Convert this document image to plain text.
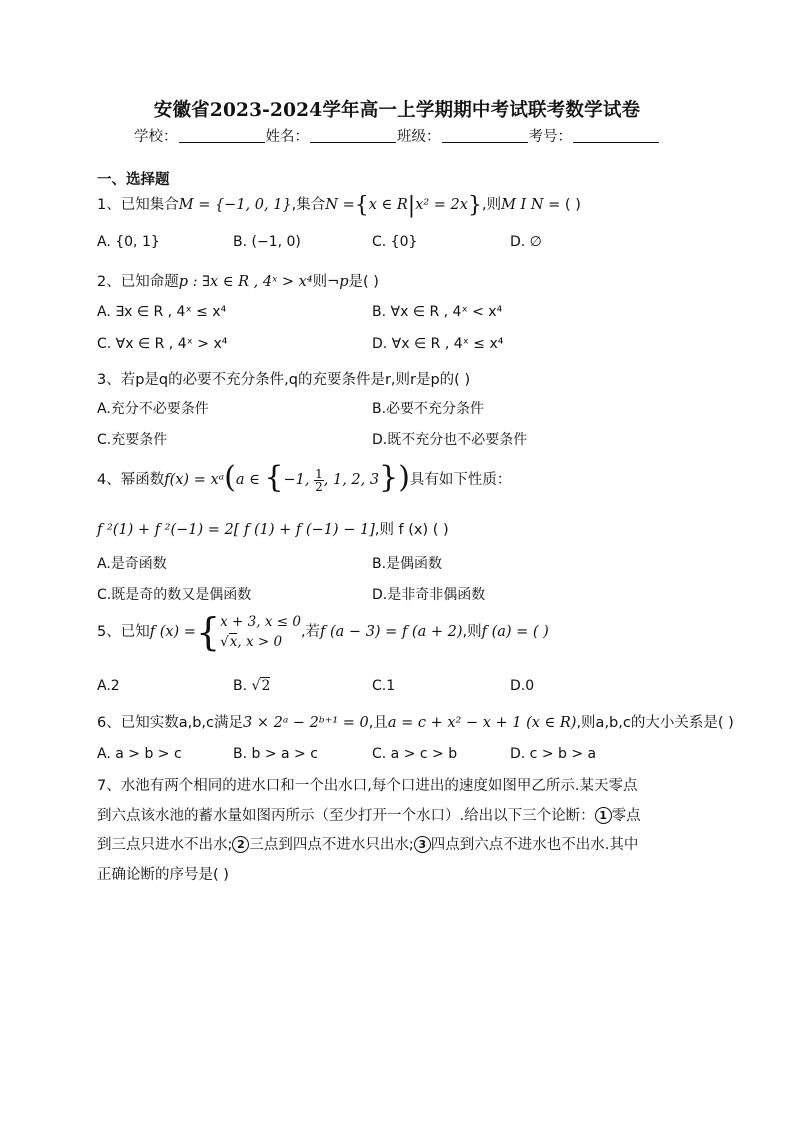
安徽省2023-2024学年高一上学期期中考试联考数学试卷
学校：	姓名：	班级：	考号：
一、选择题
1、已知集合M = {−1, 0, 1},集合N ={x ∈ R|x² = 2x},则M I N = ( )
A. {0, 1}	B. (−1, 0)	C. {0}	D. ∅
2、已知命题p : ∃x ∈ R , 4ˣ > x⁴则¬p是( )
A. ∃x ∈ R , 4ˣ ≤ x⁴	B. ∀x ∈ R , 4ˣ < x⁴
C. ∀x ∈ R , 4ˣ > x⁴	D. ∀x ∈ R , 4ˣ ≤ x⁴
3、若p是q的必要不充分条件,q的充要条件是r,则r是p的( )
A.充分不必要条件	B.必要不充分条件
C.充要条件	D.既不充分也不必要条件
4、幂函数f(x) = xᵃ(a ∈ {−1, $\frac{1}{2}$ , 1, 2, 3})具有如下性质：
f ²(1) + f ²(−1) = 2[ f (1) + f (−1) − 1],则 f (x) ( )
A.是奇函数	B.是偶函数
C.既是奇的数又是偶函数	D.是非奇非偶函数
5、已知f (x) ={ x + 3, x ≤ 0
√x, x > 0
,若f (a − 3) = f (a + 2),则f (a) = ( )
A.2	B. √2	C.1	D.0
6、已知实数a,b,c满足3 × 2ᵃ − 2ᵇ⁺¹ = 0,且a = c + x² − x + 1 (x ∈ R),则a,b,c的大小关系是( )
A. a > b > c	B. b > a > c	C. a > c > b	D. c > b > a
7、水池有两个相同的进水口和一个出水口,每个口进出的速度如图甲乙所示.某天零点
到六点该水池的蓄水量如图丙所示（至少打开一个水口）.给出以下三个论断： 1 零点
到三点只进水不出水; 2 三点到四点不进水只出水; 3 四点到六点不进水也不出水.其中
正确论断的序号是( )
